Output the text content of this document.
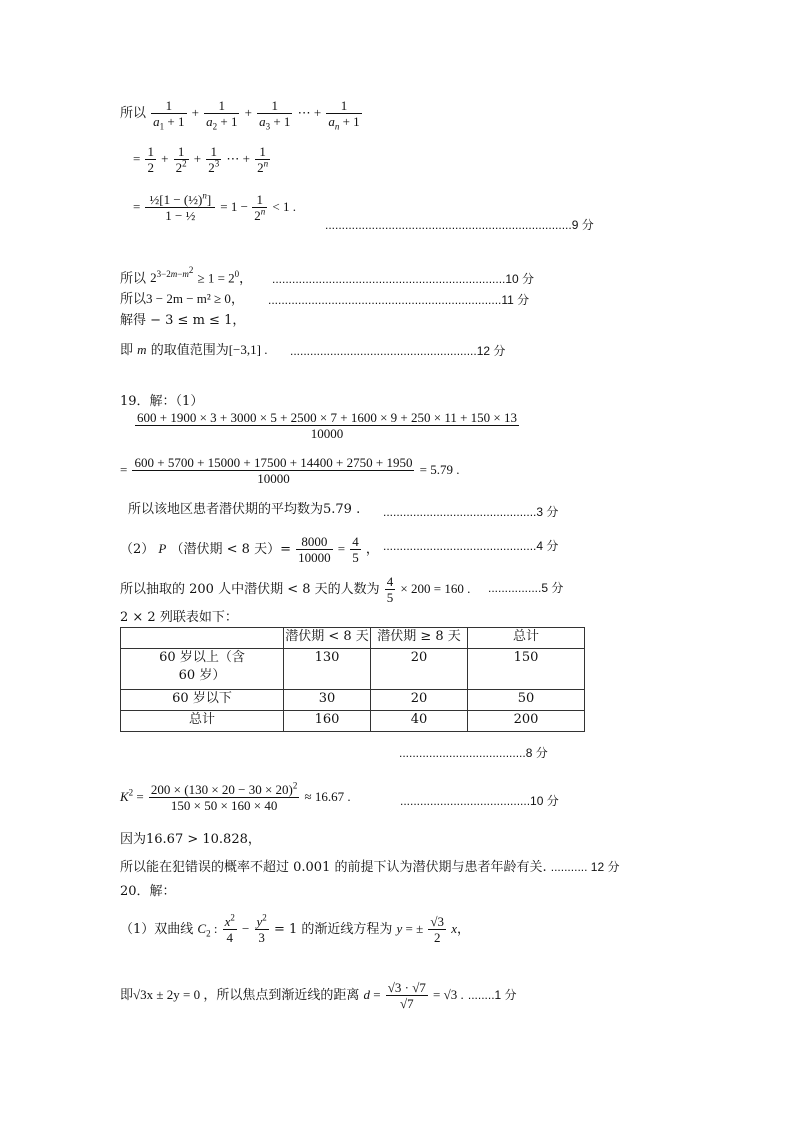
所以 $\frac{1}{a_1 + 1} + \frac{1}{a_2 + 1} + \frac{1}{a_3 + 1}$ ⋯ + $\frac{1}{a_n + 1}$
= $\frac{1}{2} + \frac{1}{2^2} + \frac{1}{2^3}$ ⋯ + $\frac{1}{2^n}$
= $\frac{\frac{1}{2}[1 - (\frac{1}{2})^n]}{\text{1 − ½}} = 1 - \frac{1}{2^n} < 1$ .
..........................................................................9 分
所以 $2^{3-2m-m^2} \ge 1 = 2^0$， ......................................................................10 分
所以3 − 2m − m² ≥ 0， ......................................................................11 分
解得 − 3 ≤ m ≤ 1，
即 m 的取值范围为[−3,1] . ........................................................12 分
19．解：（1）
600 + 1900 × 3 + 3000 × 5 + 2500 × 7 + 1600 × 9 + 250 × 11 + 150 × 13
10000
= $\frac{600 + 5700 + 15000 + 17500 + 14400 + 2750 + 1950}{10000} = 5.79$ .
所以该地区患者潜伏期的平均数为5.79 . ..............................................3 分
（2） P （潜伏期 < 8 天）= $\frac{8000}{10000} = \frac{4}{5}$ ， ..............................................4 分
所以抽取的 200 人中潜伏期 < 8 天的人数为 $\frac{4}{5} \times 200 = 160$ . ................5 分
2 × 2 列联表如下：
	潜伏期 < 8 天	潜伏期 ≥ 8 天	总计
60 岁以上（含 60 岁）	130	20	150
60 岁以下	30	20	50
总计	160	40	200
......................................8 分
$K^2 = \frac{200 \times (130 \times 20 - 30 \times 20)^2}{150 \times 50 \times 160 \times 40} \approx 16.67$ .	.......................................10 分
因为16.67 > 10.828，
所以能在犯错误的概率不超过 0.001 的前提下认为潜伏期与患者年龄有关. ........... 12 分
20．解：
（1）双曲线 $C_2$ : $\frac{x^2}{4} - \frac{y^2}{3} = 1$ 的渐近线方程为 y = ± $\frac{√3}{2}$ x，
即√3x ± 2y = 0 ，所以焦点到渐近线的距离 $d = \frac{√3 \cdot √7}{√7} = √3$ . ........1 分
